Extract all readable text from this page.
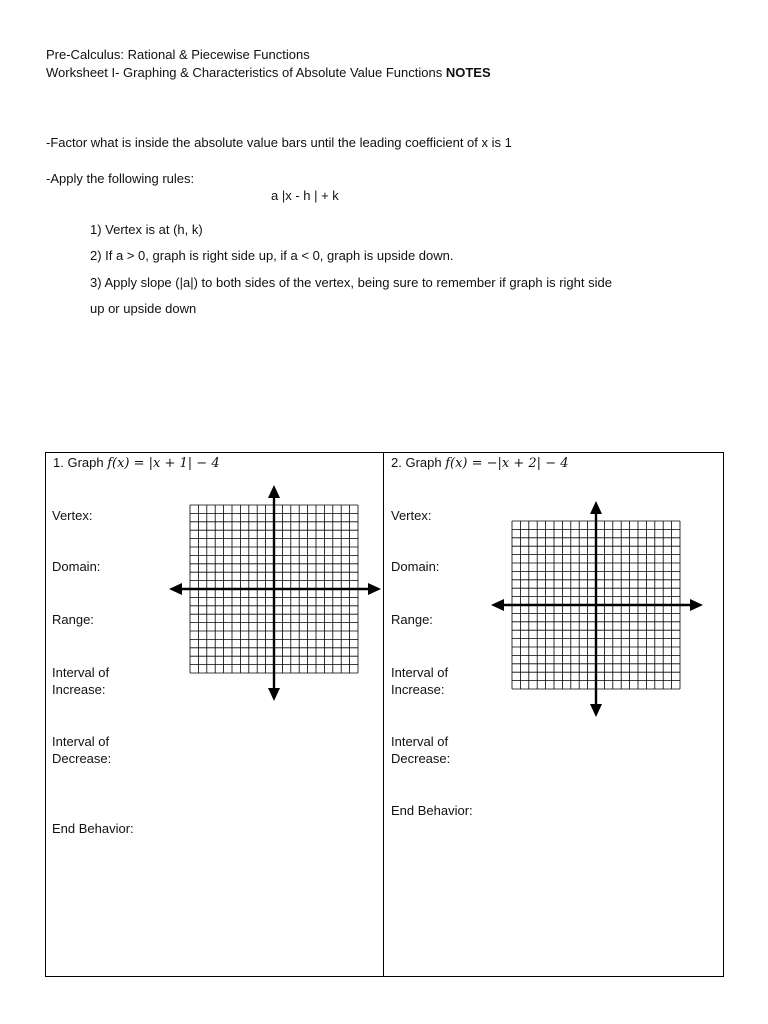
Pre-Calculus: Rational & Piecewise Functions
Worksheet I- Graphing & Characteristics of Absolute Value Functions NOTES
-Factor what is inside the absolute value bars until the leading coefficient of x is 1
-Apply the following rules:
a |x - h | + k
1) Vertex is at (h, k)
2) If a > 0, graph is right side up, if a < 0, graph is upside down.
3) Apply slope (|a|) to both sides of the vertex, being sure to remember if graph is right side
up or upside down
1. Graph f(x) = |x + 1| − 4
Vertex:
Domain:
Range:
Interval of Increase:
Interval of Decrease:
End Behavior:
2. Graph f(x) = −|x + 2| − 4
Vertex:
Domain:
Range:
Interval of Increase:
Interval of Decrease:
End Behavior:
